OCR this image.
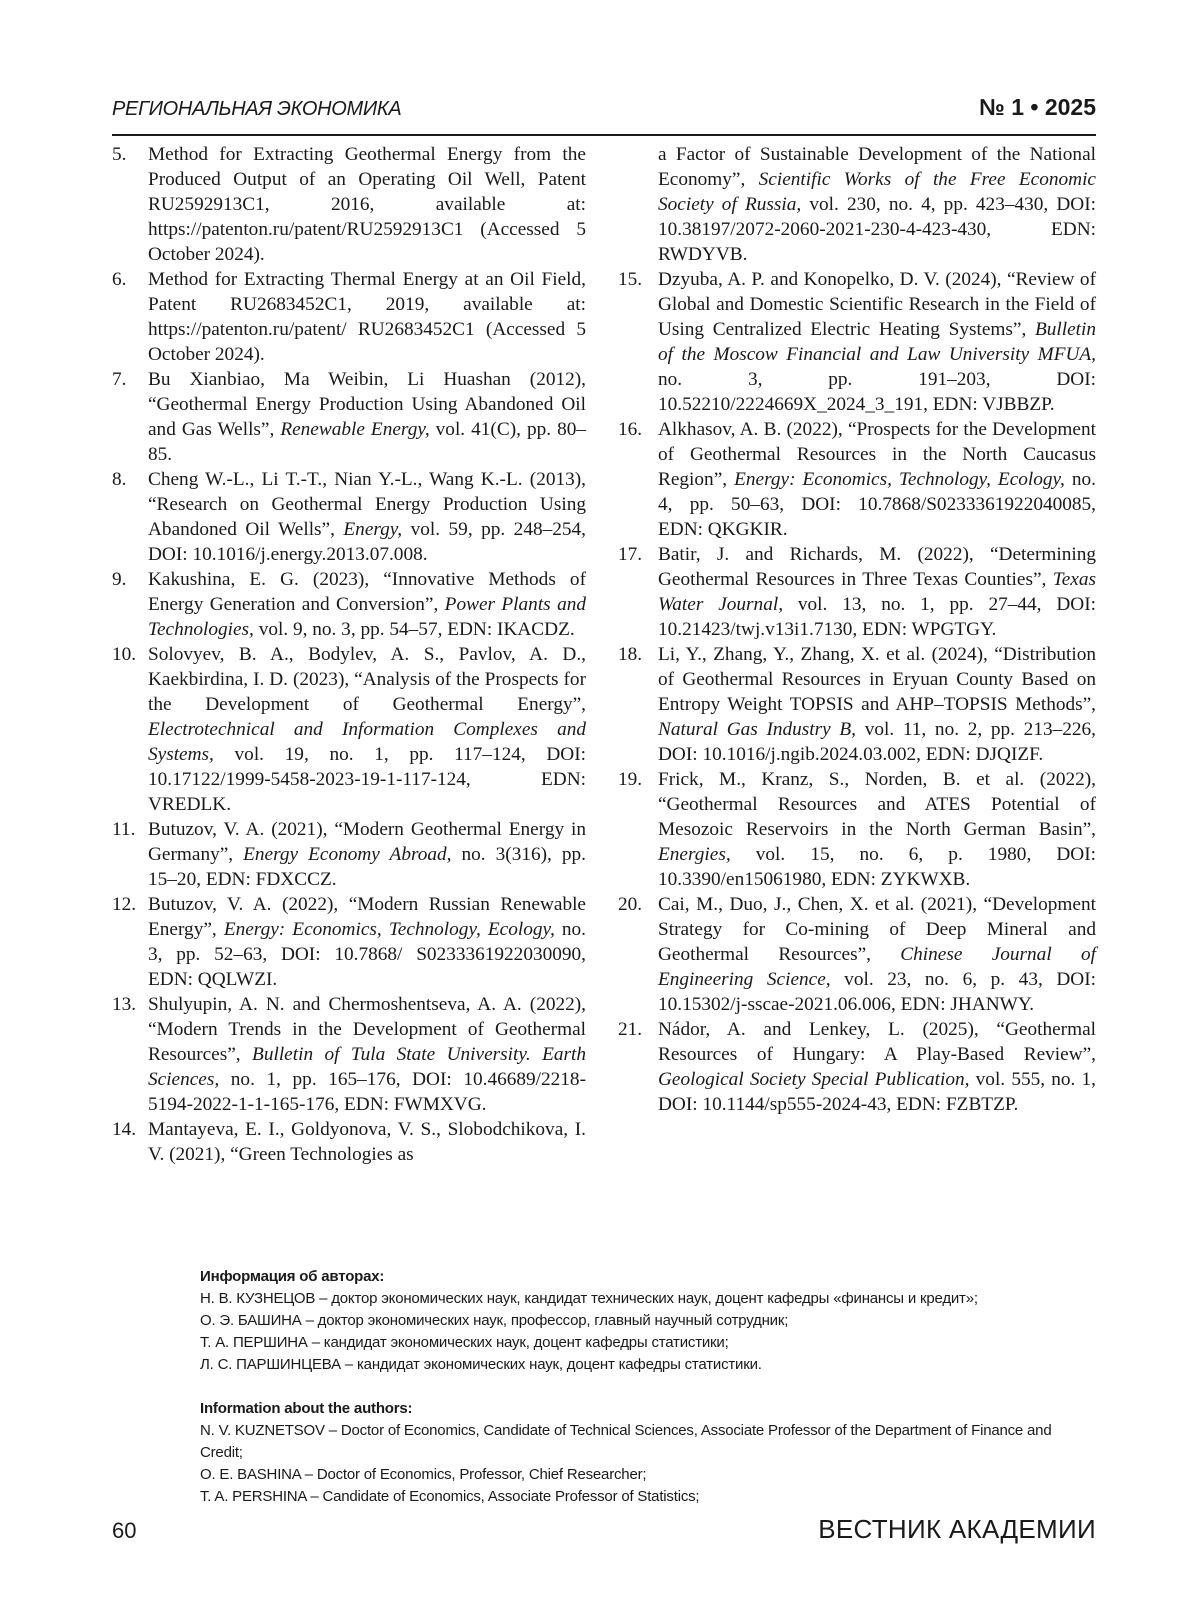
РЕГИОНАЛЬНАЯ ЭКОНОМИКА	№ 1 • 2025
5. Method for Extracting Geothermal Energy from the Produced Output of an Operating Oil Well, Patent RU2592913C1, 2016, available at: https://patenton.ru/patent/RU2592913C1 (Accessed 5 October 2024).
6. Method for Extracting Thermal Energy at an Oil Field, Patent RU2683452C1, 2019, available at: https://patenton.ru/patent/ RU2683452C1 (Accessed 5 October 2024).
7. Bu Xianbiao, Ma Weibin, Li Huashan (2012), “Geothermal Energy Production Using Abandoned Oil and Gas Wells”, Renewable Energy, vol. 41(C), pp. 80–85.
8. Cheng W.-L., Li T.-T., Nian Y.-L., Wang K.-L. (2013), “Research on Geothermal Energy Production Using Abandoned Oil Wells”, Energy, vol. 59, pp. 248–254, DOI: 10.1016/j.energy.2013.07.008.
9. Kakushina, E. G. (2023), “Innovative Methods of Energy Generation and Conversion”, Power Plants and Technologies, vol. 9, no. 3, pp. 54–57, EDN: IKACDZ.
10. Solovyev, B. A., Bodylev, A. S., Pavlov, A. D., Kaekbirdina, I. D. (2023), “Analysis of the Prospects for the Development of Geothermal Energy”, Electrotechnical and Information Complexes and Systems, vol. 19, no. 1, pp. 117–124, DOI: 10.17122/1999-5458-2023-19-1-117-124, EDN: VREDLK.
11. Butuzov, V. A. (2021), “Modern Geothermal Energy in Germany”, Energy Economy Abroad, no. 3(316), pp. 15–20, EDN: FDXCCZ.
12. Butuzov, V. A. (2022), “Modern Russian Renewable Energy”, Energy: Economics, Technology, Ecology, no. 3, pp. 52–63, DOI: 10.7868/ S0233361922030090, EDN: QQLWZI.
13. Shulyupin, A. N. and Chermoshentseva, A. A. (2022), “Modern Trends in the Development of Geothermal Resources”, Bulletin of Tula State University. Earth Sciences, no. 1, pp. 165–176, DOI: 10.46689/2218-5194-2022-1-1-165-176, EDN: FWMXVG.
14. Mantayeva, E. I., Goldyonova, V. S., Slobodchikova, I. V. (2021), “Green Technologies as
a Factor of Sustainable Development of the National Economy”, Scientific Works of the Free Economic Society of Russia, vol. 230, no. 4, pp. 423–430, DOI: 10.38197/2072-2060-2021-230-4-423-430, EDN: RWDYVB.
15. Dzyuba, A. P. and Konopelko, D. V. (2024), “Review of Global and Domestic Scientific Research in the Field of Using Centralized Electric Heating Systems”, Bulletin of the Moscow Financial and Law University MFUA, no. 3, pp. 191–203, DOI: 10.52210/2224669X_2024_3_191, EDN: VJBBZP.
16. Alkhasov, A. B. (2022), “Prospects for the Development of Geothermal Resources in the North Caucasus Region”, Energy: Economics, Technology, Ecology, no. 4, pp. 50–63, DOI: 10.7868/S0233361922040085, EDN: QKGKIR.
17. Batir, J. and Richards, M. (2022), “Determining Geothermal Resources in Three Texas Counties”, Texas Water Journal, vol. 13, no. 1, pp. 27–44, DOI: 10.21423/twj.v13i1.7130, EDN: WPGTGY.
18. Li, Y., Zhang, Y., Zhang, X. et al. (2024), “Distribution of Geothermal Resources in Eryuan County Based on Entropy Weight TOPSIS and AHP–TOPSIS Methods”, Natural Gas Industry B, vol. 11, no. 2, pp. 213–226, DOI: 10.1016/j.ngib.2024.03.002, EDN: DJQIZF.
19. Frick, M., Kranz, S., Norden, B. et al. (2022), “Geothermal Resources and ATES Potential of Mesozoic Reservoirs in the North German Basin”, Energies, vol. 15, no. 6, p. 1980, DOI: 10.3390/en15061980, EDN: ZYKWXB.
20. Cai, M., Duo, J., Chen, X. et al. (2021), “Development Strategy for Co-mining of Deep Mineral and Geothermal Resources”, Chinese Journal of Engineering Science, vol. 23, no. 6, p. 43, DOI: 10.15302/j-sscae-2021.06.006, EDN: JHANWY.
21. Nádor, A. and Lenkey, L. (2025), “Geothermal Resources of Hungary: A Play-Based Review”, Geological Society Special Publication, vol. 555, no. 1, DOI: 10.1144/sp555-2024-43, EDN: FZBTZP.
Информация об авторах:
Н. В. КУЗНЕЦОВ – доктор экономических наук, кандидат технических наук, доцент кафедры «финансы и кредит»;
О. Э. БАШИНА – доктор экономических наук, профессор, главный научный сотрудник;
Т. А. ПЕРШИНА – кандидат экономических наук, доцент кафедры статистики;
Л. С. ПАРШИНЦЕВА – кандидат экономических наук, доцент кафедры статистики.
Information about the authors:
N. V. KUZNETSOV – Doctor of Economics, Candidate of Technical Sciences, Associate Professor of the Department of Finance and Credit;
O. E. BASHINA – Doctor of Economics, Professor, Chief Researcher;
T. A. PERSHINA – Candidate of Economics, Associate Professor of Statistics;
60	ВЕСТНИК АКАДЕМИИ
